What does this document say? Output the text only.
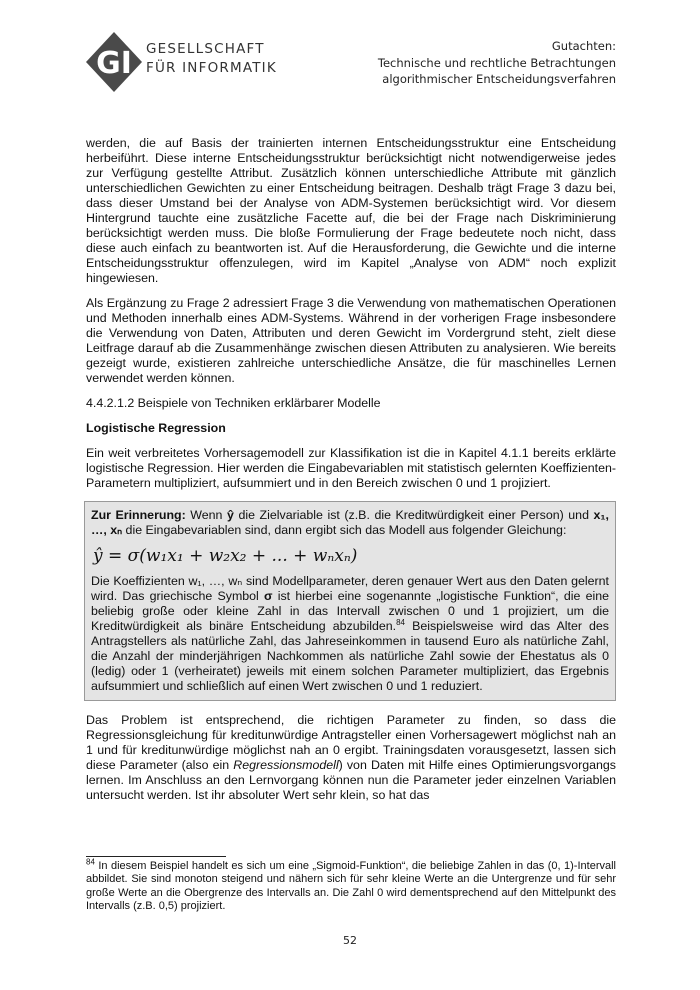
GI GESELLSCHAFT
FÜR INFORMATIK
Gutachten:
Technische und rechtliche Betrachtungen
algorithmischer Entscheidungsverfahren

werden, die auf Basis der trainierten internen Entscheidungsstruktur eine Entscheidung herbeiführt. Diese interne Entscheidungsstruktur berücksichtigt nicht notwendigerweise jedes zur Verfügung gestellte Attribut. Zusätzlich können unterschiedliche Attribute mit gänzlich unterschiedlichen Gewichten zu einer Entscheidung beitragen. Deshalb trägt Frage 3 dazu bei, dass dieser Umstand bei der Analyse von ADM-Systemen berücksichtigt wird. Vor diesem Hintergrund tauchte eine zusätzliche Facette auf, die bei der Frage nach Diskriminierung berücksichtigt werden muss. Die bloße Formulierung der Frage bedeutete noch nicht, dass diese auch einfach zu beantworten ist. Auf die Herausforderung, die Gewichte und die interne Entscheidungsstruktur offenzulegen, wird im Kapitel „Analyse von ADM“ noch explizit hingewiesen.

Als Ergänzung zu Frage 2 adressiert Frage 3 die Verwendung von mathematischen Operationen und Methoden innerhalb eines ADM-Systems. Während in der vorherigen Frage insbesondere die Verwendung von Daten, Attributen und deren Gewicht im Vordergrund steht, zielt diese Leitfrage darauf ab die Zusammenhänge zwischen diesen Attributen zu analysieren. Wie bereits gezeigt wurde, existieren zahlreiche unterschiedliche Ansätze, die für maschinelles Lernen verwendet werden können.

4.4.2.1.2 Beispiele von Techniken erklärbarer Modelle

Logistische Regression

Ein weit verbreitetes Vorhersagemodell zur Klassifikation ist die in Kapitel 4.1.1 bereits erklärte logistische Regression. Hier werden die Eingabevariablen mit statistisch gelernten Koeffizienten-Parametern multipliziert, aufsummiert und in den Bereich zwischen 0 und 1 projiziert.

Zur Erinnerung: Wenn ŷ die Zielvariable ist (z.B. die Kreditwürdigkeit einer Person) und x₁, …, xₙ die Eingabevariablen sind, dann ergibt sich das Modell aus folgender Gleichung:

ŷ = σ(w₁x₁ + w₂x₂ + ... + wₙxₙ)

Die Koeffizienten w₁, …, wₙ sind Modellparameter, deren genauer Wert aus den Daten gelernt wird. Das griechische Symbol σ ist hierbei eine sogenannte „logistische Funktion“, die eine beliebig große oder kleine Zahl in das Intervall zwischen 0 und 1 projiziert, um die Kreditwürdigkeit als binäre Entscheidung abzubilden.$^{84}$ Beispielsweise wird das Alter des Antragstellers als natürliche Zahl, das Jahreseinkommen in tausend Euro als natürliche Zahl, die Anzahl der minderjährigen Nachkommen als natürliche Zahl sowie der Ehestatus als 0 (ledig) oder 1 (verheiratet) jeweils mit einem solchen Parameter multipliziert, das Ergebnis aufsummiert und schließlich auf einen Wert zwischen 0 und 1 reduziert.

Das Problem ist entsprechend, die richtigen Parameter zu finden, so dass die Regressionsgleichung für kreditunwürdige Antragsteller einen Vorhersagewert möglichst nah an 1 und für kreditunwürdige möglichst nah an 0 ergibt. Trainingsdaten vorausgesetzt, lassen sich diese Parameter (also ein Regressionsmodell) von Daten mit Hilfe eines Optimierungsvorgangs lernen. Im Anschluss an den Lernvorgang können nun die Parameter jeder einzelnen Variablen untersucht werden. Ist ihr absoluter Wert sehr klein, so hat das

$^{84}$ In diesem Beispiel handelt es sich um eine „Sigmoid-Funktion“, die beliebige Zahlen in das (0, 1)-Intervall abbildet. Sie sind monoton steigend und nähern sich für sehr kleine Werte an die Untergrenze und für sehr große Werte an die Obergrenze des Intervalls an. Die Zahl 0 wird dementsprechend auf den Mittelpunkt des Intervalls (z.B. 0,5) projiziert.
52
